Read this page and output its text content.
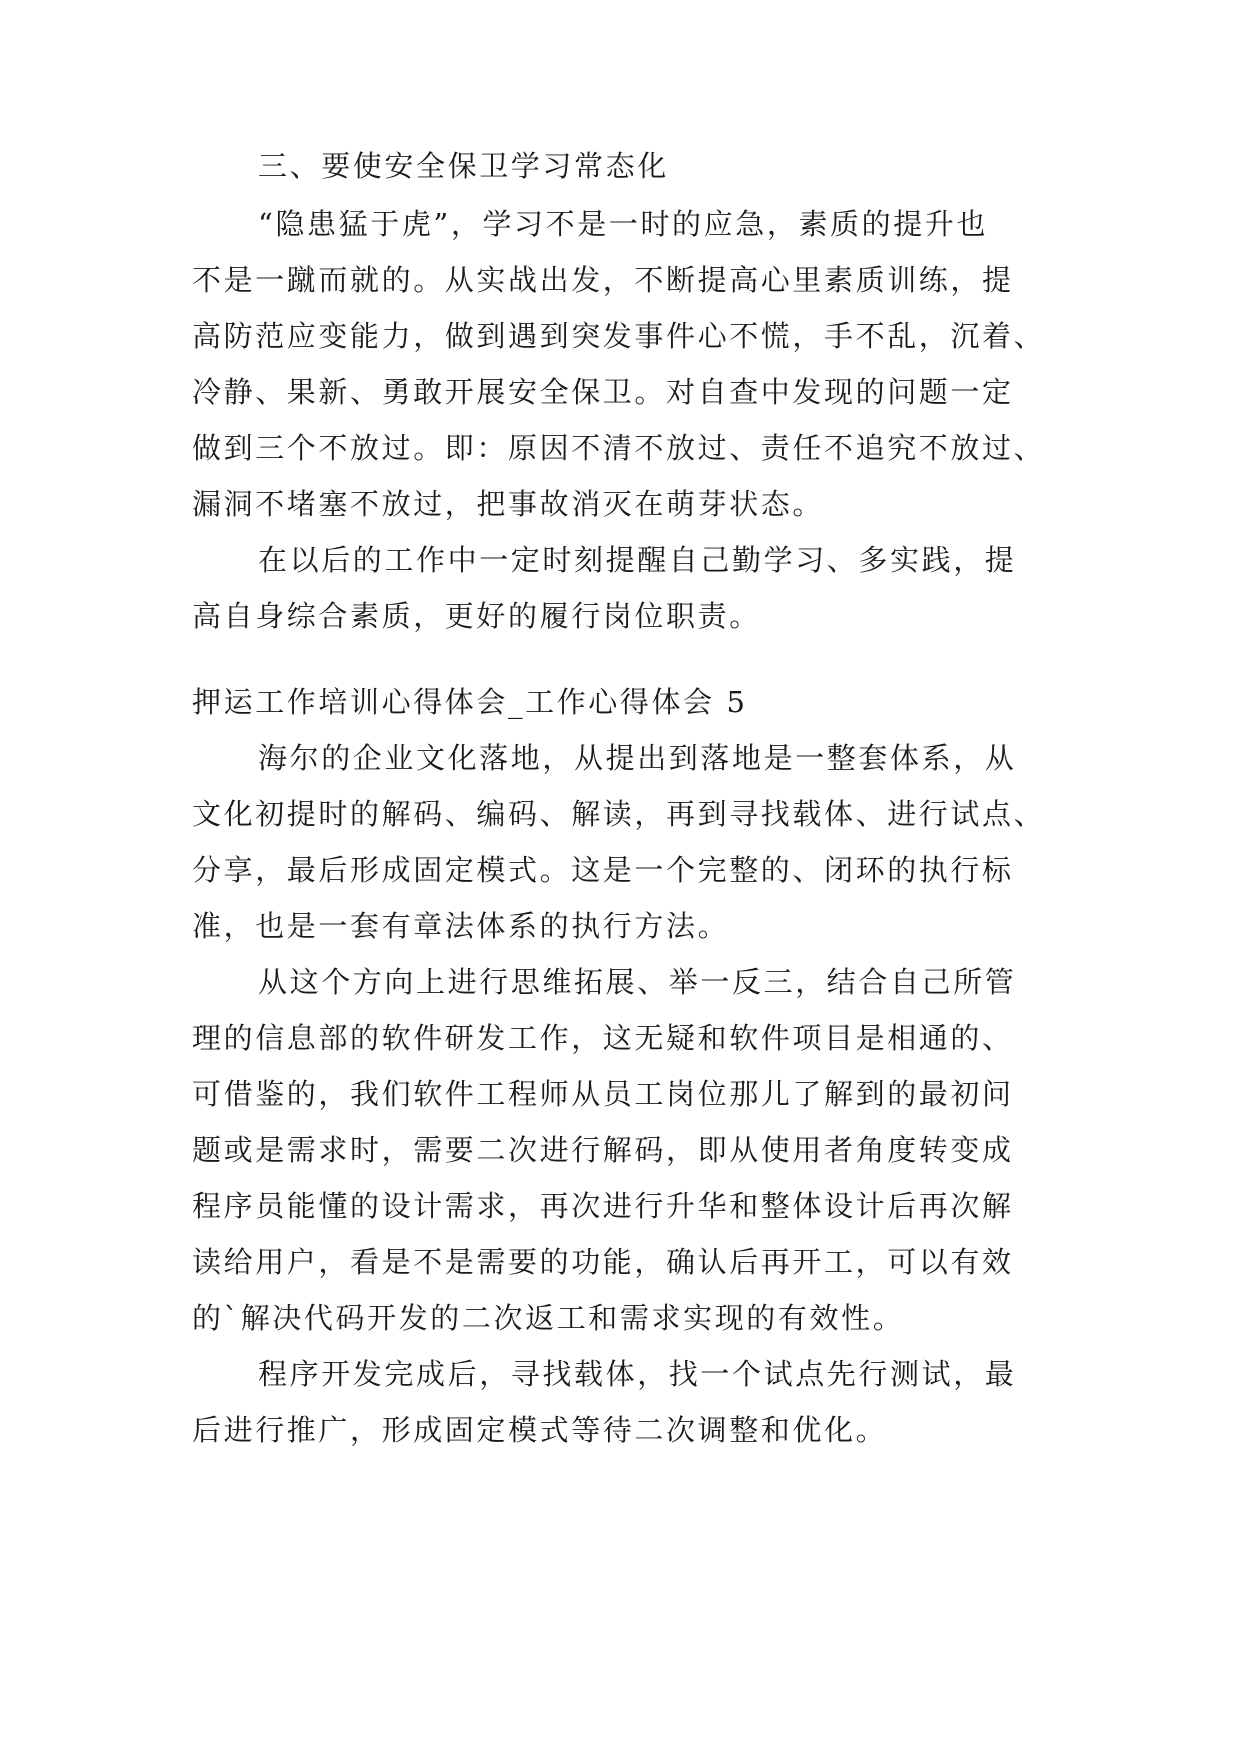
三、要使安全保卫学习常态化

“隐患猛于虎”，学习不是一时的应急，素质的提升也

不是一蹴而就的。从实战出发，不断提高心里素质训练，提

高防范应变能力，做到遇到突发事件心不慌，手不乱，沉着、

冷静、果新、勇敢开展安全保卫。对自查中发现的问题一定

做到三个不放过。即：原因不清不放过、责任不追究不放过、

漏洞不堵塞不放过，把事故消灭在萌芽状态。

在以后的工作中一定时刻提醒自己勤学习、多实践，提

高自身综合素质，更好的履行岗位职责。

押运工作培训心得体会_工作心得体会 5

海尔的企业文化落地，从提出到落地是一整套体系，从

文化初提时的解码、编码、解读，再到寻找载体、进行试点、

分享，最后形成固定模式。这是一个完整的、闭环的执行标

准，也是一套有章法体系的执行方法。

从这个方向上进行思维拓展、举一反三，结合自己所管

理的信息部的软件研发工作，这无疑和软件项目是相通的、

可借鉴的，我们软件工程师从员工岗位那儿了解到的最初问

题或是需求时，需要二次进行解码，即从使用者角度转变成

程序员能懂的设计需求，再次进行升华和整体设计后再次解

读给用户，看是不是需要的功能，确认后再开工，可以有效

的`解决代码开发的二次返工和需求实现的有效性。

程序开发完成后，寻找载体，找一个试点先行测试，最

后进行推广，形成固定模式等待二次调整和优化。
